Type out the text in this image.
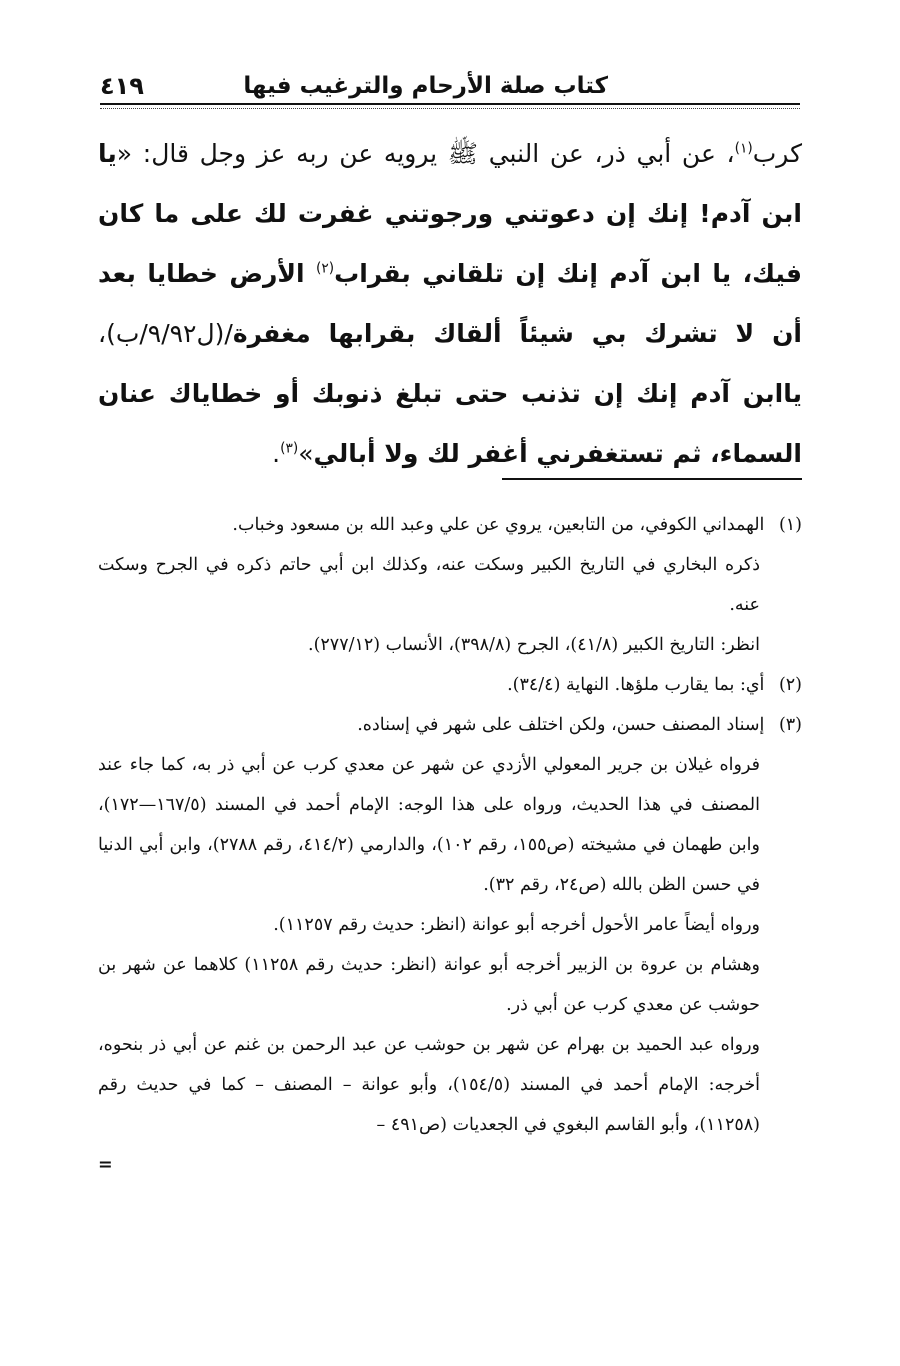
كتاب صلة الأرحام والترغيب فيها
٤١٩
كرب$^{(١)}$، عن أبي ذر، عن النبي ﷺ يرويه عن ربه عز وجل قال: «يا ابن آدم! إنك إن دعوتني ورجوتني غفرت لك على ما كان فيك، يا ابن آدم إنك إن تلقاني بقراب$^{(٢)}$ الأرض خطايا بعد أن لا تشرك بي شيئاً ألقاك بقرابها مغفرة/(ل٩/٩٢/ب)، ياابن آدم إنك إن تذنب حتى تبلغ ذنوبك أو خطاياك عنان السماء، ثم تستغفرني أغفر لك ولا أبالي»$^{(٣)}$.
(١) الهمداني الكوفي، من التابعين، يروي عن علي وعبد الله بن مسعود وخباب.
ذكره البخاري في التاريخ الكبير وسكت عنه، وكذلك ابن أبي حاتم ذكره في الجرح وسكت عنه.
انظر: التاريخ الكبير (٤١/٨)، الجرح (٣٩٨/٨)، الأنساب (٢٧٧/١٢).
(٢) أي: بما يقارب ملؤها. النهاية (٣٤/٤).
(٣) إسناد المصنف حسن، ولكن اختلف على شهر في إسناده.
فرواه غيلان بن جرير المعولي الأزدي عن شهر عن معدي كرب عن أبي ذر به، كما جاء عند المصنف في هذا الحديث، ورواه على هذا الوجه: الإمام أحمد في المسند (١٦٧/٥—١٧٢)، وابن طهمان في مشيخته (ص١٥٥، رقم ١٠٢)، والدارمي (٤١٤/٢، رقم ٢٧٨٨)، وابن أبي الدنيا في حسن الظن بالله (ص٢٤، رقم ٣٢).
ورواه أيضاً عامر الأحول أخرجه أبو عوانة (انظر: حديث رقم ١١٢٥٧).
وهشام بن عروة بن الزبير أخرجه أبو عوانة (انظر: حديث رقم ١١٢٥٨) كلاهما عن شهر بن حوشب عن معدي كرب عن أبي ذر.
ورواه عبد الحميد بن بهرام عن شهر بن حوشب عن عبد الرحمن بن غنم عن أبي ذر بنحوه، أخرجه: الإمام أحمد في المسند (١٥٤/٥)، وأبو عوانة – المصنف – كما في حديث رقم (١١٢٥٨)، وأبو القاسم البغوي في الجعديات (ص٤٩١ –
=
